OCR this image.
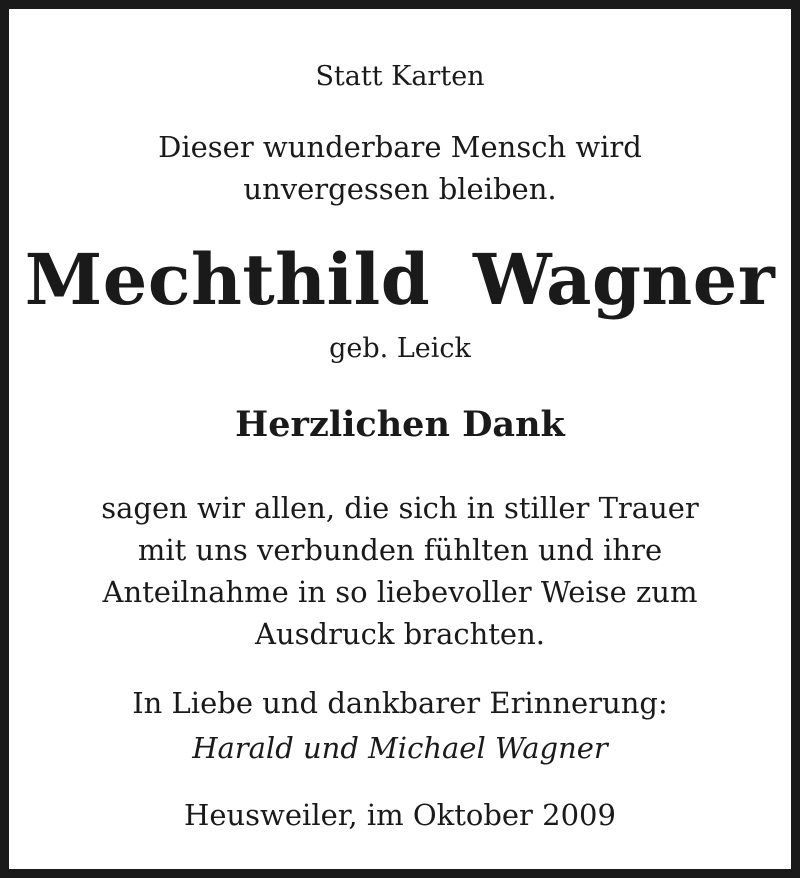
Statt Karten
Dieser wunderbare Mensch wird
unvergessen bleiben.
Mechthild Wagner
geb. Leick
Herzlichen Dank
sagen wir allen, die sich in stiller Trauer
mit uns verbunden fühlten und ihre
Anteilnahme in so liebevoller Weise zum
Ausdruck brachten.
In Liebe und dankbarer Erinnerung:
Harald und Michael Wagner
Heusweiler, im Oktober 2009
